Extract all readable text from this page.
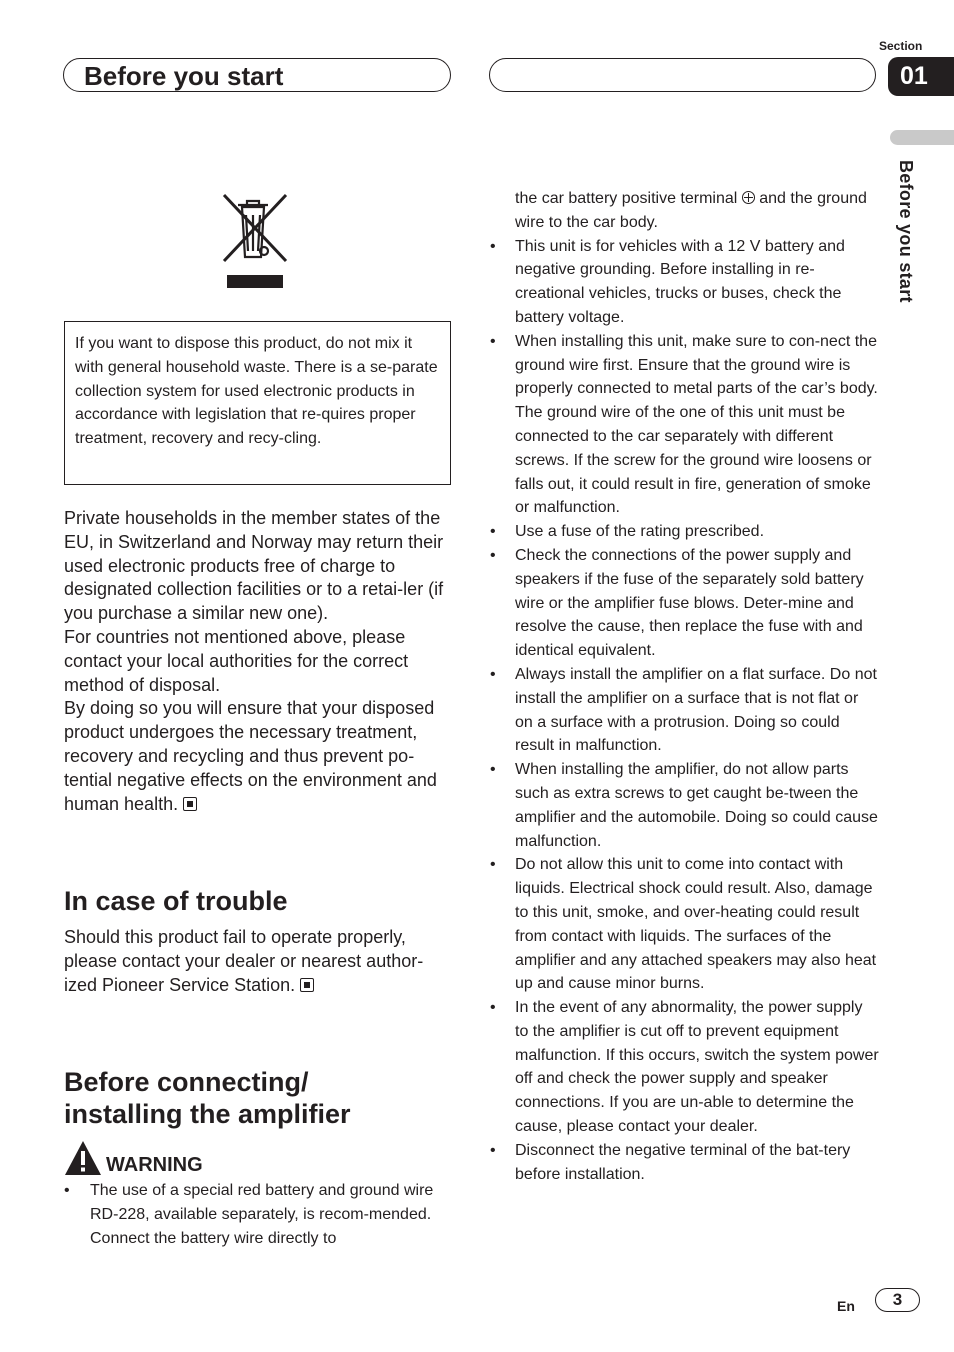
Before you start
Section
01
Before you start
If you want to dispose this product, do not mix it with general household waste. There is a se-parate collection system for used electronic products in accordance with legislation that re-quires proper treatment, recovery and recy-cling.

Private households in the member states of the EU, in Switzerland and Norway may return their used electronic products free of charge to designated collection facilities or to a retai-ler (if you purchase a similar new one).

For countries not mentioned above, please contact your local authorities for the correct method of disposal.

By doing so you will ensure that your disposed product undergoes the necessary treatment, recovery and recycling and thus prevent po-tential negative effects on the environment and human health.

In case of trouble
Should this product fail to operate properly, please contact your dealer or nearest author-ized Pioneer Service Station.
Before connecting/
installing the amplifier
WARNING
• The use of a special red battery and ground wire RD-228, available separately, is recom-mended. Connect the battery wire directly to
the car battery positive terminal and the ground wire to the car body.
• This unit is for vehicles with a 12 V battery and negative grounding. Before installing in re-creational vehicles, trucks or buses, check the battery voltage.
• When installing this unit, make sure to con-nect the ground wire first. Ensure that the ground wire is properly connected to metal parts of the car’s body. The ground wire of the one of this unit must be connected to the car separately with different screws. If the screw for the ground wire loosens or falls out, it could result in fire, generation of smoke or malfunction.
• Use a fuse of the rating prescribed.
• Check the connections of the power supply and speakers if the fuse of the separately sold battery wire or the amplifier fuse blows. Deter-mine and resolve the cause, then replace the fuse with and identical equivalent.
• Always install the amplifier on a flat surface. Do not install the amplifier on a surface that is not flat or on a surface with a protrusion. Doing so could result in malfunction.
• When installing the amplifier, do not allow parts such as extra screws to get caught be-tween the amplifier and the automobile. Doing so could cause malfunction.
• Do not allow this unit to come into contact with liquids. Electrical shock could result. Also, damage to this unit, smoke, and over-heating could result from contact with liquids. The surfaces of the amplifier and any attached speakers may also heat up and cause minor burns.
• In the event of any abnormality, the power supply to the amplifier is cut off to prevent equipment malfunction. If this occurs, switch the system power off and check the power supply and speaker connections. If you are un-able to determine the cause, please contact your dealer.
• Disconnect the negative terminal of the bat-tery before installation.
En	3
